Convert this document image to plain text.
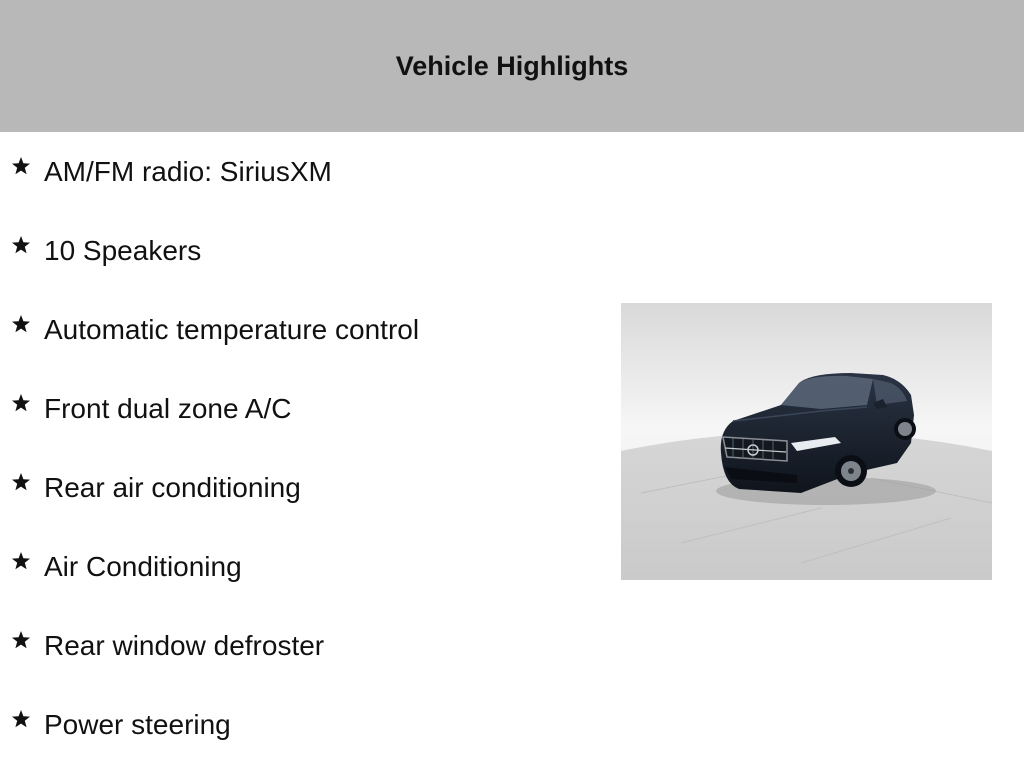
Vehicle Highlights
AM/FM radio: SiriusXM
10 Speakers
Automatic temperature control
Front dual zone A/C
Rear air conditioning
Air Conditioning
Rear window defroster
Power steering
